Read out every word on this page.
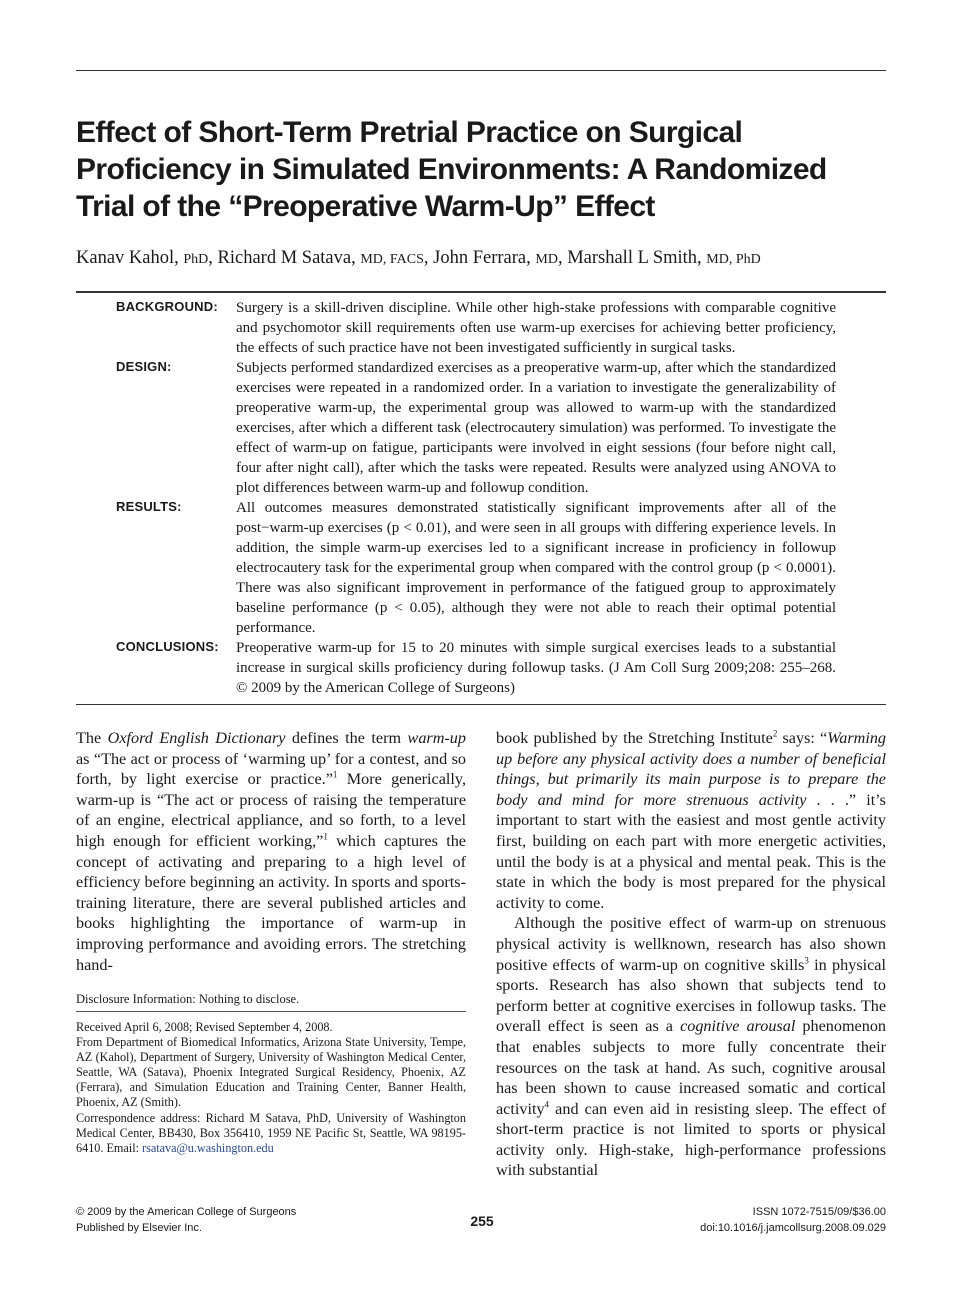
Effect of Short-Term Pretrial Practice on Surgical
Proficiency in Simulated Environments: A Randomized
Trial of the “Preoperative Warm-Up” Effect
Kanav Kahol, PhD, Richard M Satava, MD, FACS, John Ferrara, MD, Marshall L Smith, MD, PhD
BACKGROUND: Surgery is a skill-driven discipline. While other high-stake professions with comparable cognitive and psychomotor skill requirements often use warm-up exercises for achieving better proficiency, the effects of such practice have not been investigated sufficiently in surgical tasks.
DESIGN:	Subjects performed standardized exercises as a preoperative warm-up, after which the standardized exercises were repeated in a randomized order. In a variation to investigate the generalizability of preoperative warm-up, the experimental group was allowed to warm-up with the standardized exercises, after which a different task (electrocautery simulation) was performed. To investigate the effect of warm-up on fatigue, participants were involved in eight sessions (four before night call, four after night call), after which the tasks were repeated. Results were analyzed using ANOVA to plot differences between warm-up and followup condition.
RESULTS:	All outcomes measures demonstrated statistically significant improvements after all of the post−warm-up exercises (p < 0.01), and were seen in all groups with differing experience levels. In addition, the simple warm-up exercises led to a significant increase in proficiency in followup electrocautery task for the experimental group when compared with the control group (p < 0.0001). There was also significant improvement in performance of the fatigued group to approximately baseline performance (p < 0.05), although they were not able to reach their optimal potential performance.
CONCLUSIONS: Preoperative warm-up for 15 to 20 minutes with simple surgical exercises leads to a substantial increase in surgical skills proficiency during followup tasks. (J Am Coll Surg 2009;208: 255–268. © 2009 by the American College of Surgeons)

The Oxford English Dictionary defines the term warm-up as “The act or process of ‘warming up’ for a contest, and so forth, by light exercise or practice.”$^1$ More generically, warm-up is “The act or process of raising the temperature of an engine, electrical appliance, and so forth, to a level high enough for efficient working,”$^1$ which captures the concept of activating and preparing to a high level of efficiency before beginning an activity. In sports and sports-training literature, there are several published articles and books highlighting the importance of warm-up in improving performance and avoiding errors. The stretching hand-

book published by the Stretching Institute$^2$ says: “Warming up before any physical activity does a number of beneficial things, but primarily its main purpose is to prepare the body and mind for more strenuous activity . . .” it’s important to start with the easiest and most gentle activity first, building on each part with more energetic activities, until the body is at a physical and mental peak. This is the state in which the body is most prepared for the physical activity to come.

Although the positive effect of warm-up on strenuous physical activity is wellknown, research has also shown positive effects of warm-up on cognitive skills$^3$ in physical sports. Research has also shown that subjects tend to perform better at cognitive exercises in followup tasks. The overall effect is seen as a cognitive arousal phenomenon that enables subjects to more fully concentrate their resources on the task at hand. As such, cognitive arousal has been shown to cause increased somatic and cortical activity$^4$ and can even aid in resisting sleep. The effect of short-term practice is not limited to sports or physical activity only. High-stake, high-performance professions with substantial

Disclosure Information: Nothing to disclose.

Received April 6, 2008; Revised September 4, 2008.

From Department of Biomedical Informatics, Arizona State University, Tempe, AZ (Kahol), Department of Surgery, University of Washington Medical Center, Seattle, WA (Satava), Phoenix Integrated Surgical Residency, Phoenix, AZ (Ferrara), and Simulation Education and Training Center, Banner Health, Phoenix, AZ (Smith).

Correspondence address: Richard M Satava, PhD, University of Washington Medical Center, BB430, Box 356410, 1959 NE Pacific St, Seattle, WA 98195-6410. Email: rsatava@u.washington.edu

© 2009 by the American College of Surgeons
Published by Elsevier Inc.	255
ISSN 1072-7515/09/$36.00
doi:10.1016/j.jamcollsurg.2008.09.029
